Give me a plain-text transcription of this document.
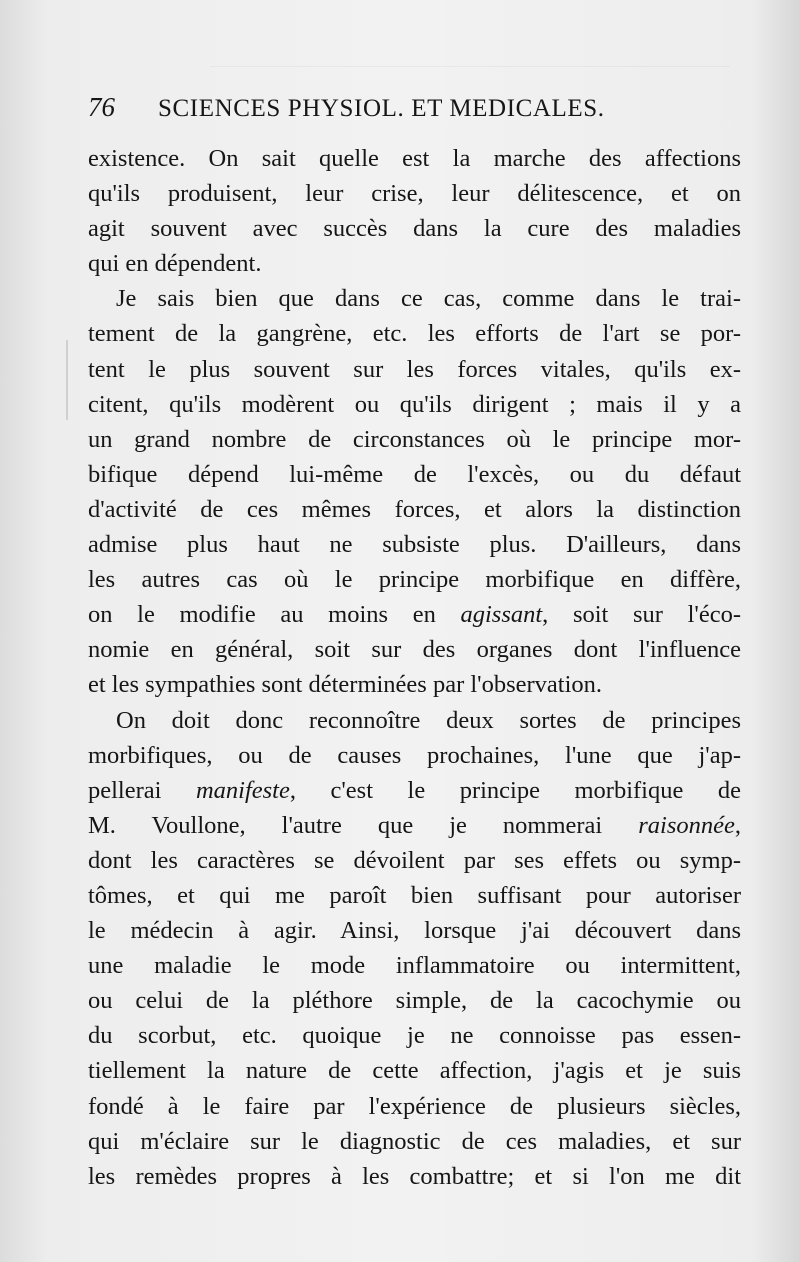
76	SCIENCES PHYSIOL. ET MEDICALES.
existence. On sait quelle est la marche des affections
qu'ils produisent, leur crise, leur délitescence, et on
agit souvent avec succès dans la cure des maladies
qui en dépendent.
Je sais bien que dans ce cas, comme dans le trai-
tement de la gangrène, etc. les efforts de l'art se por-
tent le plus souvent sur les forces vitales, qu'ils ex-
citent, qu'ils modèrent ou qu'ils dirigent ; mais il y a
un grand nombre de circonstances où le principe mor-
bifique dépend lui-même de l'excès, ou du défaut
d'activité de ces mêmes forces, et alors la distinction
admise plus haut ne subsiste plus. D'ailleurs, dans
les autres cas où le principe morbifique en diffère,
on le modifie au moins en agissant, soit sur l'éco-
nomie en général, soit sur des organes dont l'influence
et les sympathies sont déterminées par l'observation.
On doit donc reconnoître deux sortes de principes
morbifiques, ou de causes prochaines, l'une que j'ap-
pellerai manifeste, c'est le principe morbifique de
M. Voullone, l'autre que je nommerai raisonnée,
dont les caractères se dévoilent par ses effets ou symp-
tômes, et qui me paroît bien suffisant pour autoriser
le médecin à agir. Ainsi, lorsque j'ai découvert dans
une maladie le mode inflammatoire ou intermittent,
ou celui de la pléthore simple, de la cacochymie ou
du scorbut, etc. quoique je ne connoisse pas essen-
tiellement la nature de cette affection, j'agis et je suis
fondé à le faire par l'expérience de plusieurs siècles,
qui m'éclaire sur le diagnostic de ces maladies, et sur
les remèdes propres à les combattre; et si l'on me dit
